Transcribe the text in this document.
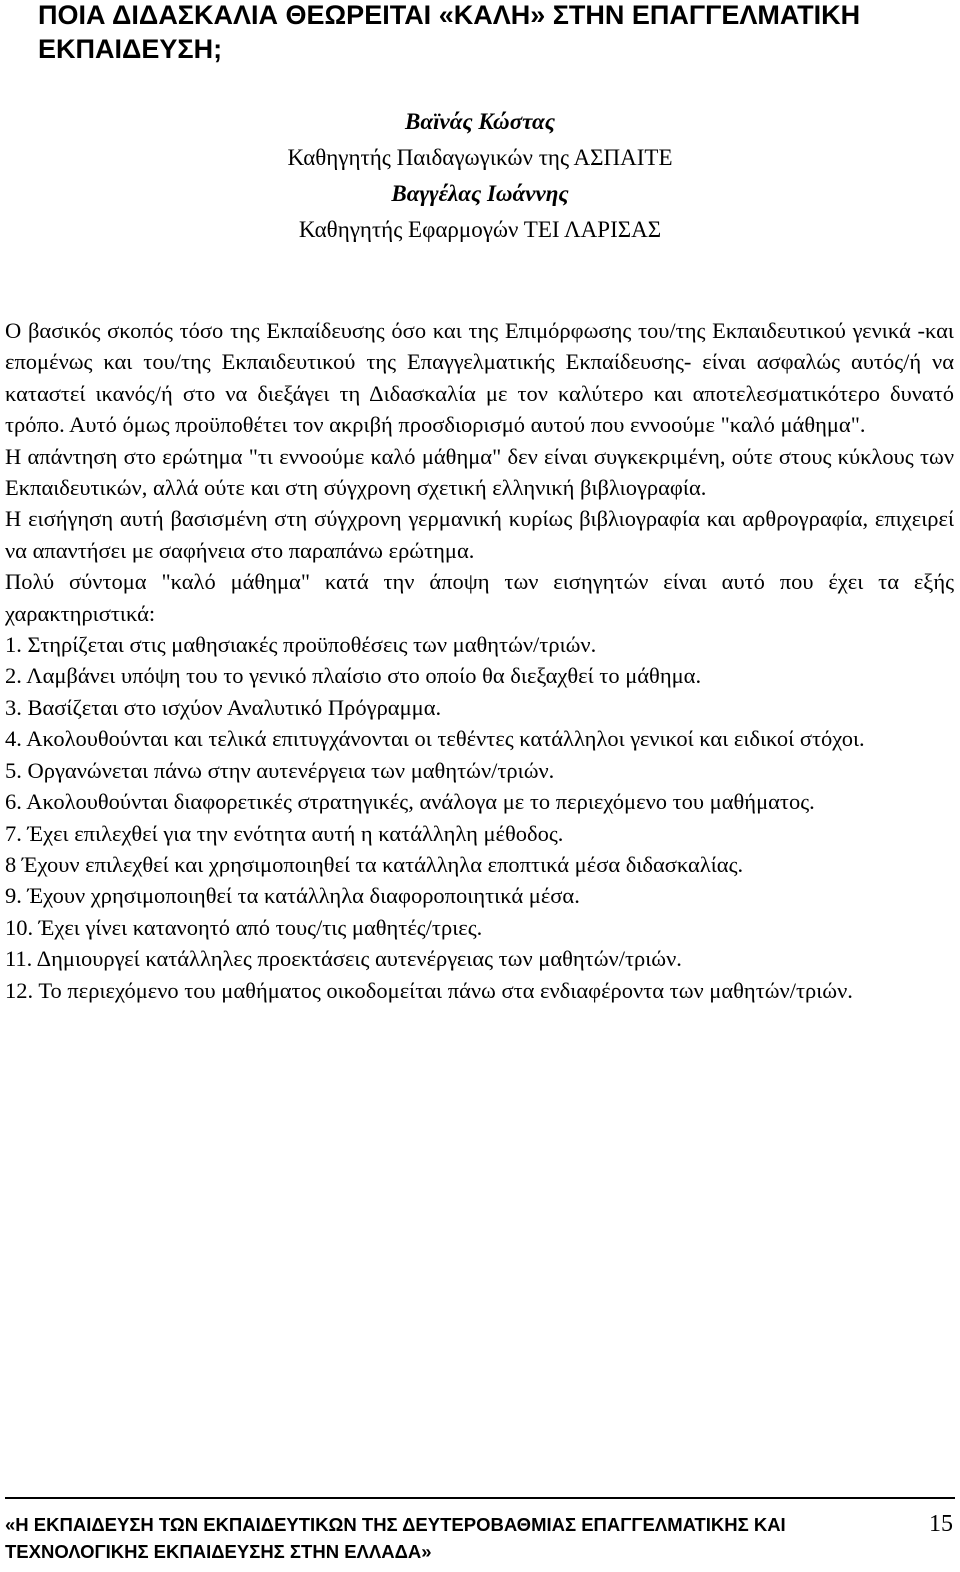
ΠΟΙΑ ΔΙΔΑΣΚΑΛΙΑ ΘΕΩΡΕΙΤΑΙ «ΚΑΛΗ» ΣΤΗΝ ΕΠΑΓΓΕΛΜΑΤΙΚΗ ΕΚΠΑΙΔΕΥΣΗ;
Βαϊνάς Κώστας
Καθηγητής Παιδαγωγικών της ΑΣΠΑΙΤΕ
Βαγγέλας Ιωάννης
Καθηγητής Εφαρμογών ΤΕΙ ΛΑΡΙΣΑΣ

Ο βασικός σκοπός τόσο της Εκπαίδευσης όσο και της Επιμόρφωσης του/της Εκπαιδευτικού γενικά -και επομένως και του/της Εκπαιδευτικού της Επαγγελματικής Εκπαίδευσης- είναι ασφαλώς αυτός/ή να καταστεί ικανός/ή στο να διεξάγει τη Διδασκαλία με τον καλύτερο και αποτελεσματικότερο δυνατό τρόπο. Αυτό όμως προϋποθέτει τον ακριβή προσδιορισμό αυτού που εννοούμε "καλό μάθημα".

Η απάντηση στο ερώτημα "τι εννοούμε καλό μάθημα" δεν είναι συγκεκριμένη, ούτε στους κύκλους των Εκπαιδευτικών, αλλά ούτε και στη σύγχρονη σχετική ελληνική βιβλιογραφία.

Η εισήγηση αυτή βασισμένη στη σύγχρονη γερμανική κυρίως βιβλιογραφία και αρθρογραφία, επιχειρεί να απαντήσει με σαφήνεια στο παραπάνω ερώτημα.

Πολύ σύντομα "καλό μάθημα" κατά την άποψη των εισηγητών είναι αυτό που έχει τα εξής χαρακτηριστικά:

1. Στηρίζεται στις μαθησιακές προϋποθέσεις των μαθητών/τριών.
2. Λαμβάνει υπόψη του το γενικό πλαίσιο στο οποίο θα διεξαχθεί το μάθημα.
3. Βασίζεται στο ισχύον Αναλυτικό Πρόγραμμα.
4. Ακολουθούνται και τελικά επιτυγχάνονται οι τεθέντες κατάλληλοι γενικοί και ειδικοί στόχοι.
5. Οργανώνεται πάνω στην αυτενέργεια των μαθητών/τριών.
6. Ακολουθούνται διαφορετικές στρατηγικές, ανάλογα με το περιεχόμενο του μαθήματος.
7. Έχει επιλεχθεί για την ενότητα αυτή η κατάλληλη μέθοδος.
8 Έχουν επιλεχθεί και χρησιμοποιηθεί τα κατάλληλα εποπτικά μέσα διδασκαλίας.
9. Έχουν χρησιμοποιηθεί τα κατάλληλα διαφοροποιητικά μέσα.
10. Έχει γίνει κατανοητό από τους/τις μαθητές/τριες.
11. Δημιουργεί κατάλληλες προεκτάσεις αυτενέργειας των μαθητών/τριών.
12. Το περιεχόμενο του μαθήματος οικοδομείται πάνω στα ενδιαφέροντα των μαθητών/τριών.
«Η ΕΚΠΑΙΔΕΥΣΗ ΤΩΝ ΕΚΠΑΙΔΕΥΤΙΚΩΝ ΤΗΣ ΔΕΥΤΕΡΟΒΑΘΜΙΑΣ ΕΠΑΓΓΕΛΜΑΤΙΚΗΣ ΚΑΙ ΤΕΧΝΟΛΟΓΙΚΗΣ ΕΚΠΑΙΔΕΥΣΗΣ ΣΤΗΝ ΕΛΛΑΔΑ»
15
